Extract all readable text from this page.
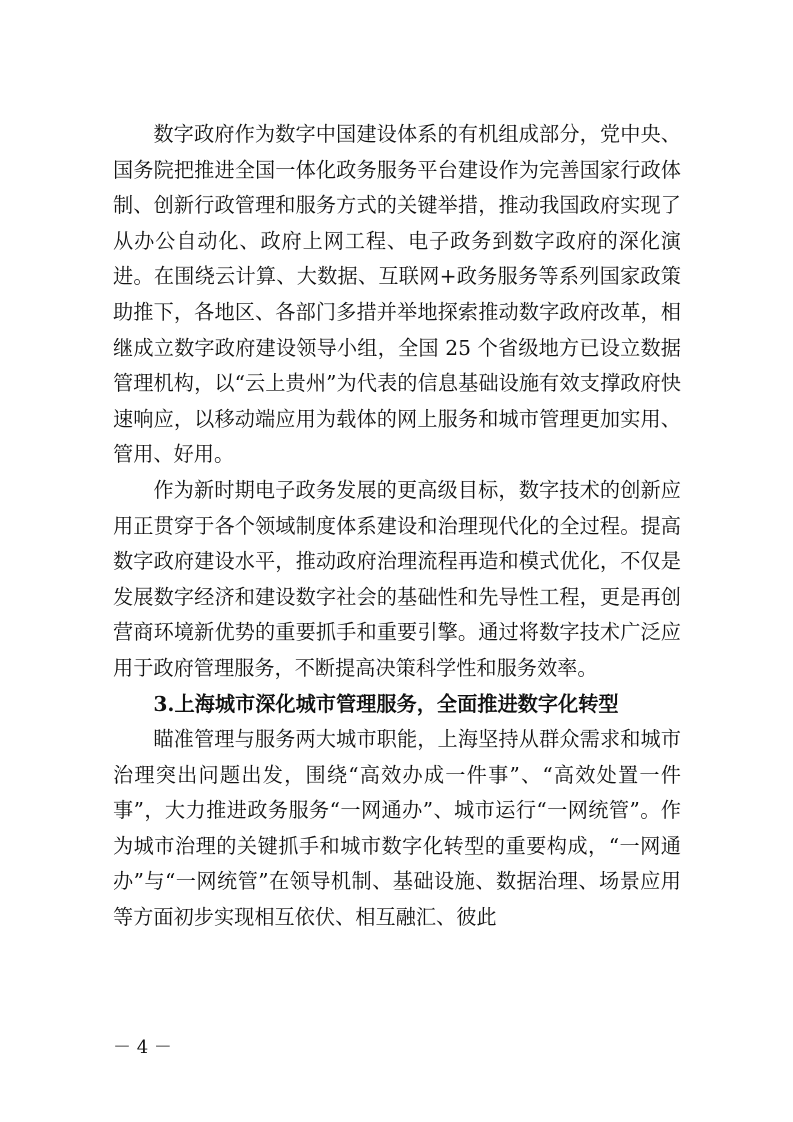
数字政府作为数字中国建设体系的有机组成部分，党中央、国务院把推进全国一体化政务服务平台建设作为完善国家行政体制、创新行政管理和服务方式的关键举措，推动我国政府实现了从办公自动化、政府上网工程、电子政务到数字政府的深化演进。在围绕云计算、大数据、互联网+政务服务等系列国家政策助推下，各地区、各部门多措并举地探索推动数字政府改革，相继成立数字政府建设领导小组，全国 25 个省级地方已设立数据管理机构，以“云上贵州”为代表的信息基础设施有效支撑政府快速响应，以移动端应用为载体的网上服务和城市管理更加实用、管用、好用。

作为新时期电子政务发展的更高级目标，数字技术的创新应用正贯穿于各个领域制度体系建设和治理现代化的全过程。提高数字政府建设水平，推动政府治理流程再造和模式优化，不仅是发展数字经济和建设数字社会的基础性和先导性工程，更是再创营商环境新优势的重要抓手和重要引擎。通过将数字技术广泛应用于政府管理服务，不断提高决策科学性和服务效率。

3.上海城市深化城市管理服务，全面推进数字化转型

瞄准管理与服务两大城市职能，上海坚持从群众需求和城市治理突出问题出发，围绕“高效办成一件事”、“高效处置一件事”，大力推进政务服务“一网通办”、城市运行“一网统管”。作为城市治理的关键抓手和城市数字化转型的重要构成，“一网通办”与“一网统管”在领导机制、基础设施、数据治理、场景应用等方面初步实现相互依伏、相互融汇、彼此

－ 4 －
